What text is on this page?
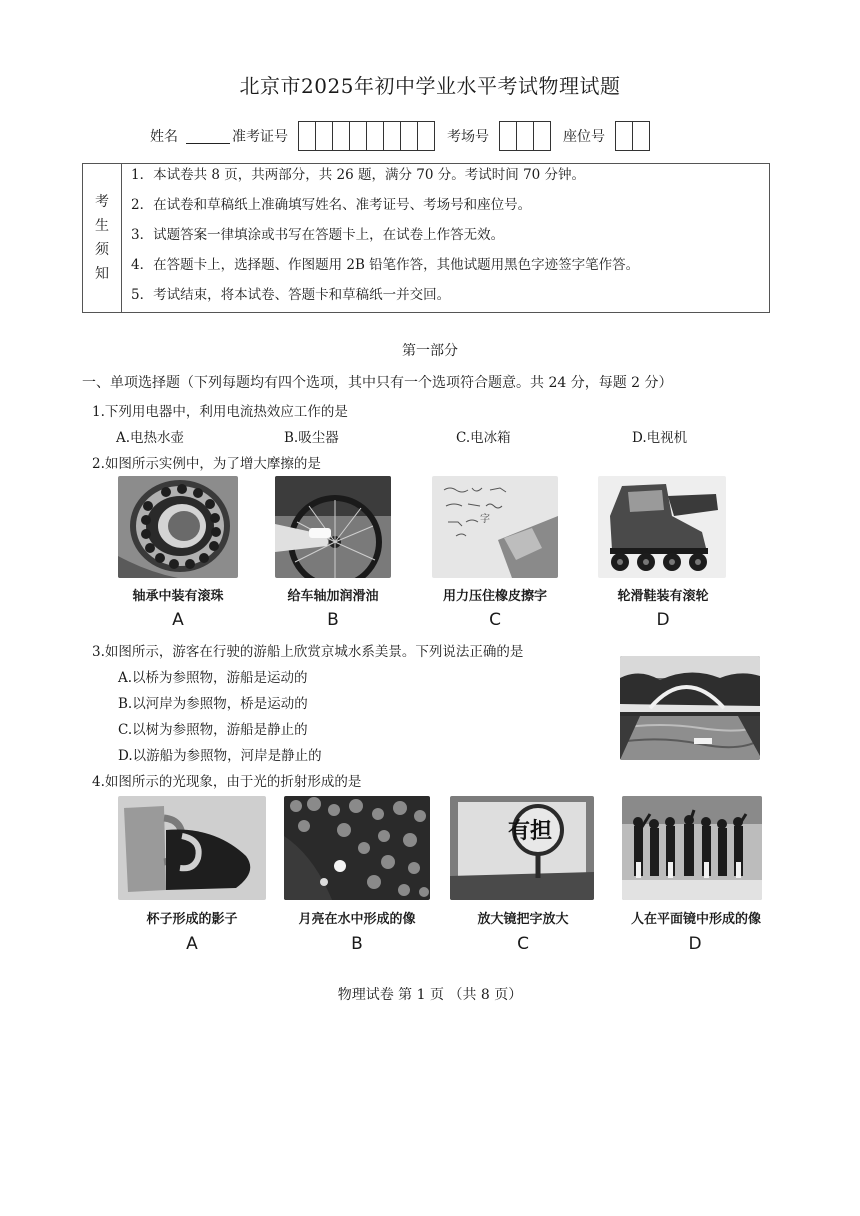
北京市2025年初中学业水平考试物理试题
姓名	准考证号	考场号	座位号
考
生
须
知
1．本试卷共 8 页，共两部分，共 26 题，满分 70 分。考试时间 70 分钟。
2．在试卷和草稿纸上准确填写姓名、准考证号、考场号和座位号。
3．试题答案一律填涂或书写在答题卡上，在试卷上作答无效。
4．在答题卡上，选择题、作图题用 2B 铅笔作答，其他试题用黑色字迹签字笔作答。
5．考试结束，将本试卷、答题卡和草稿纸一并交回。
第一部分
一、单项选择题（下列每题均有四个选项，其中只有一个选项符合题意。共 24 分，每题 2 分）
1.下列用电器中，利用电流热效应工作的是
A.电热水壶	B.吸尘器	C.电冰箱	D.电视机
2.如图所示实例中，为了增大摩擦的是
字
轴承中装有滚珠	给车轴加润滑油	用力压住橡皮擦字	轮滑鞋装有滚轮
A	B	C	D
3.如图所示，游客在行驶的游船上欣赏京城水系美景。下列说法正确的是
A.以桥为参照物，游船是运动的
B.以河岸为参照物，桥是运动的
C.以树为参照物，游船是静止的
D.以游船为参照物，河岸是静止的
4.如图所示的光现象，由于光的折射形成的是
有担
杯子形成的影子	月亮在水中形成的像	放大镜把字放大	人在平面镜中形成的像
A	B	C	D
物理试卷 第 1 页 （共 8 页）
